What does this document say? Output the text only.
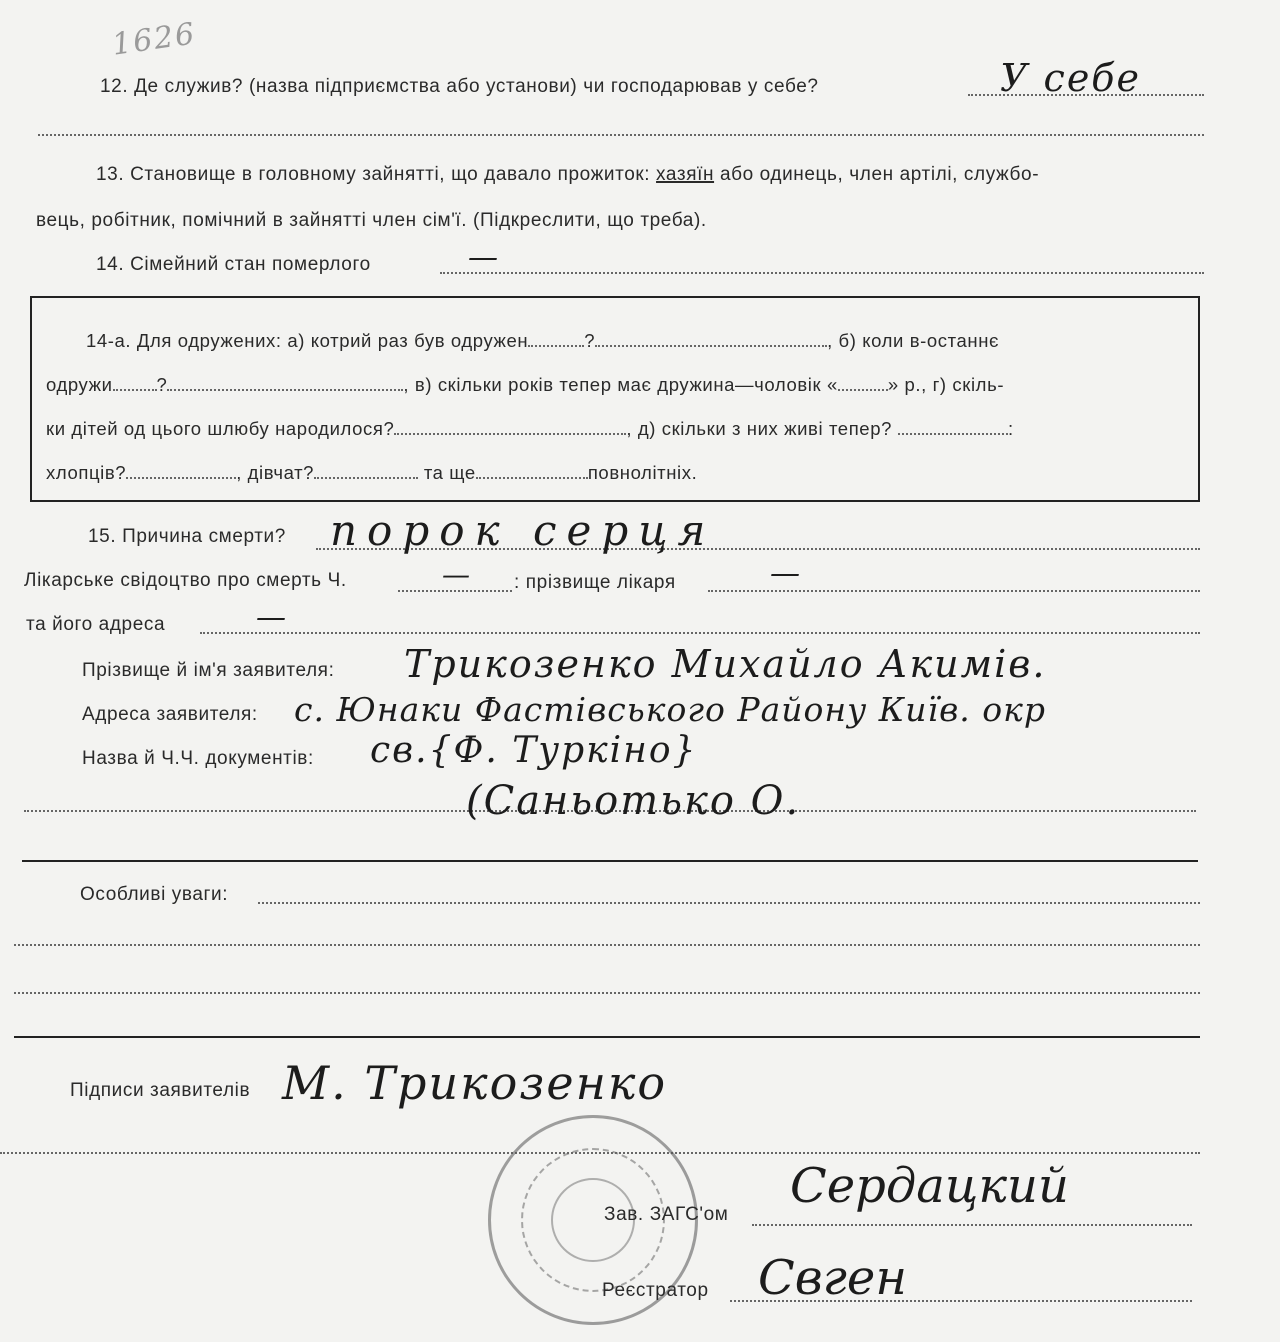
1626
12. Де служив? (назва підприємства або установи) чи господарював у себе?	У себе
13. Становище в головному зайнятті, що давало прожиток: хазяїн або одинець, член артілі, службо-
вець, робітник, помічний в зайнятті член сім'ї. (Підкреслити, що треба).
14. Сімейний стан померлого	—
14-а. Для одружених: а) котрий раз був одружен	?	, б) коли в-останнє
одружи ?	, в) скільки років тепер має дружина—чоловік «	» р., г) скіль-
ки дітей од цього шлюбу народилося?	, д) скільки з них живі тепер?	:
хлопців?	, дівчат?	та ще	повнолітніх.
15. Причина смерти? порок серця
Лікарське свідоцтво про смерть Ч.	— : прізвище лікаря	—
та його адреса	—
Прізвище й ім'я заявителя: Трикозенко Михайло Акимів.
Адреса заявителя: с. Юнаки Фастівського Району Київ. окр
Назва й Ч.Ч. документів: св.{Ф. Туркіно}
(Саньотько О.
Особливі уваги:
Підписи заявителів М. Трикозенко
Зав. ЗАГС'ом
Сердацкий
Реєстратор Свген
